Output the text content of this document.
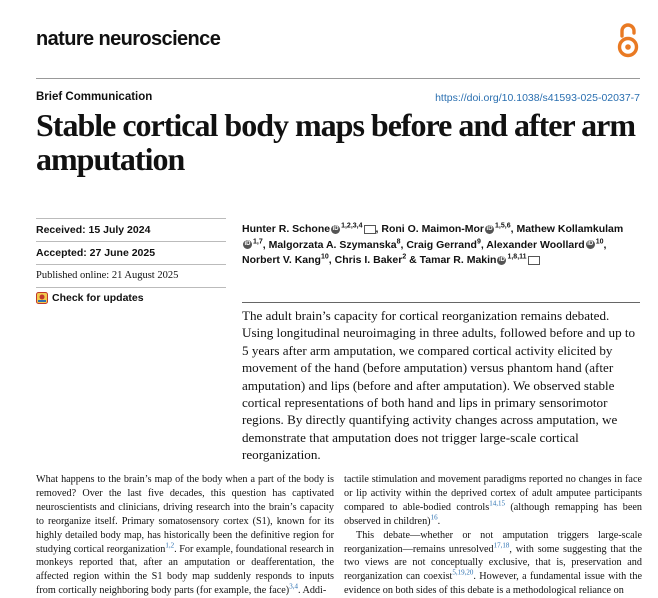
nature neuroscience
Brief Communication	https://doi.org/10.1038/s41593-025-02037-7
Stable cortical body maps before and after arm amputation
Received: 15 July 2024
Accepted: 27 June 2025
Published online: 21 August 2025
Check for updates
Hunter R. Schone iD $^{1,2,3,4}$ , Roni O. Maimon-Mor iD $^{1,5,6}$, Mathew KollamkulamiD $^{1,7}$, Malgorzata A. Szymanska$^8$, Craig Gerrand$^9$, Alexander Woollard iD $^{10}$, Norbert V. Kang$^{10}$, Chris I. Baker$^2$ & Tamar R. Makin iD $^{1,8,11}$

The adult brain’s capacity for cortical reorganization remains debated. Using longitudinal neuroimaging in three adults, followed before and up to 5 years after arm amputation, we compared cortical activity elicited by movement of the hand (before amputation) versus phantom hand (after amputation) and lips (before and after amputation). We observed stable cortical representations of both hand and lips in primary sensorimotor regions. By directly quantifying activity changes across amputation, we demonstrate that amputation does not trigger large-scale cortical reorganization.

What happens to the brain’s map of the body when a part of the body is removed? Over the last five decades, this question has captivated neuroscientists and clinicians, driving research into the brain’s capacity to reorganize itself. Primary somatosensory cortex (S1), known for its highly detailed body map, has historically been the definitive region for studying cortical reorganization$^{1,2}$. For example, foundational research in monkeys reported that, after an amputation or deafferentation, the affected region within the S1 body map suddenly responds to inputs from cortically neighboring body parts (for example, the face)$^{3,4}$. Addi-

tactile stimulation and movement paradigms reported no changes in face or lip activity within the deprived cortex of adult amputee participants compared to able-bodied controls$^{14,15}$ (although remapping has been observed in children)$^{16}$.
This debate—whether or not amputation triggers large-scale reorganization—remains unresolved$^{17,18}$, with some suggesting that the two views are not conceptually exclusive, that is, preservation and reorganization can coexist$^{5,19,20}$. However, a fundamental issue with the evidence on both sides of this debate is a methodological reliance on
